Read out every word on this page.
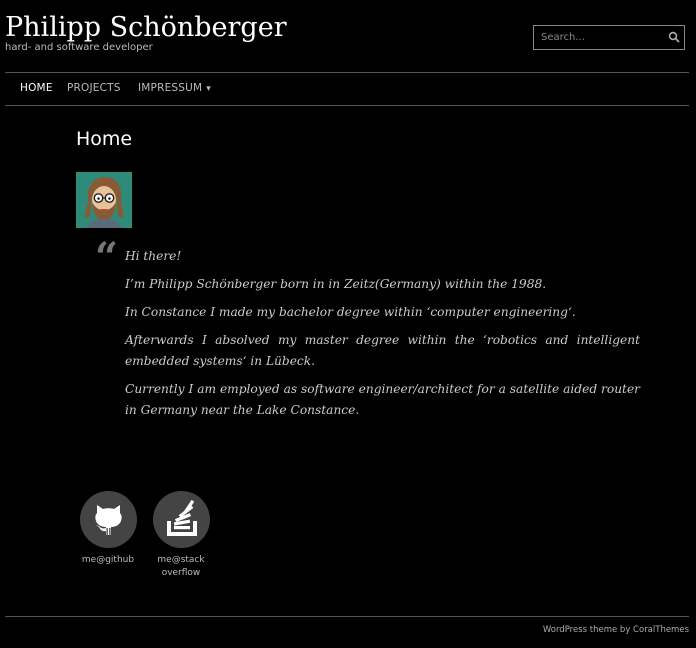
Philipp Schönberger
hard- and software developer
Search...
HOME PROJECTS IMPRESSUM ▾
Home
“ Hi there!

I’m Philipp Schönberger born in in Zeitz(Germany) within the 1988.

In Constance I made my bachelor degree within ‘computer engineering‘.

Afterwards I absolved my master degree within the ‘robotics and intelligent embedded systems‘ in Lübeck.

Currently I am employed as software engineer/architect for a satellite aided router in Germany near the Lake Constance.

me@github	me@stack overflow
WordPress theme by CoralThemes
